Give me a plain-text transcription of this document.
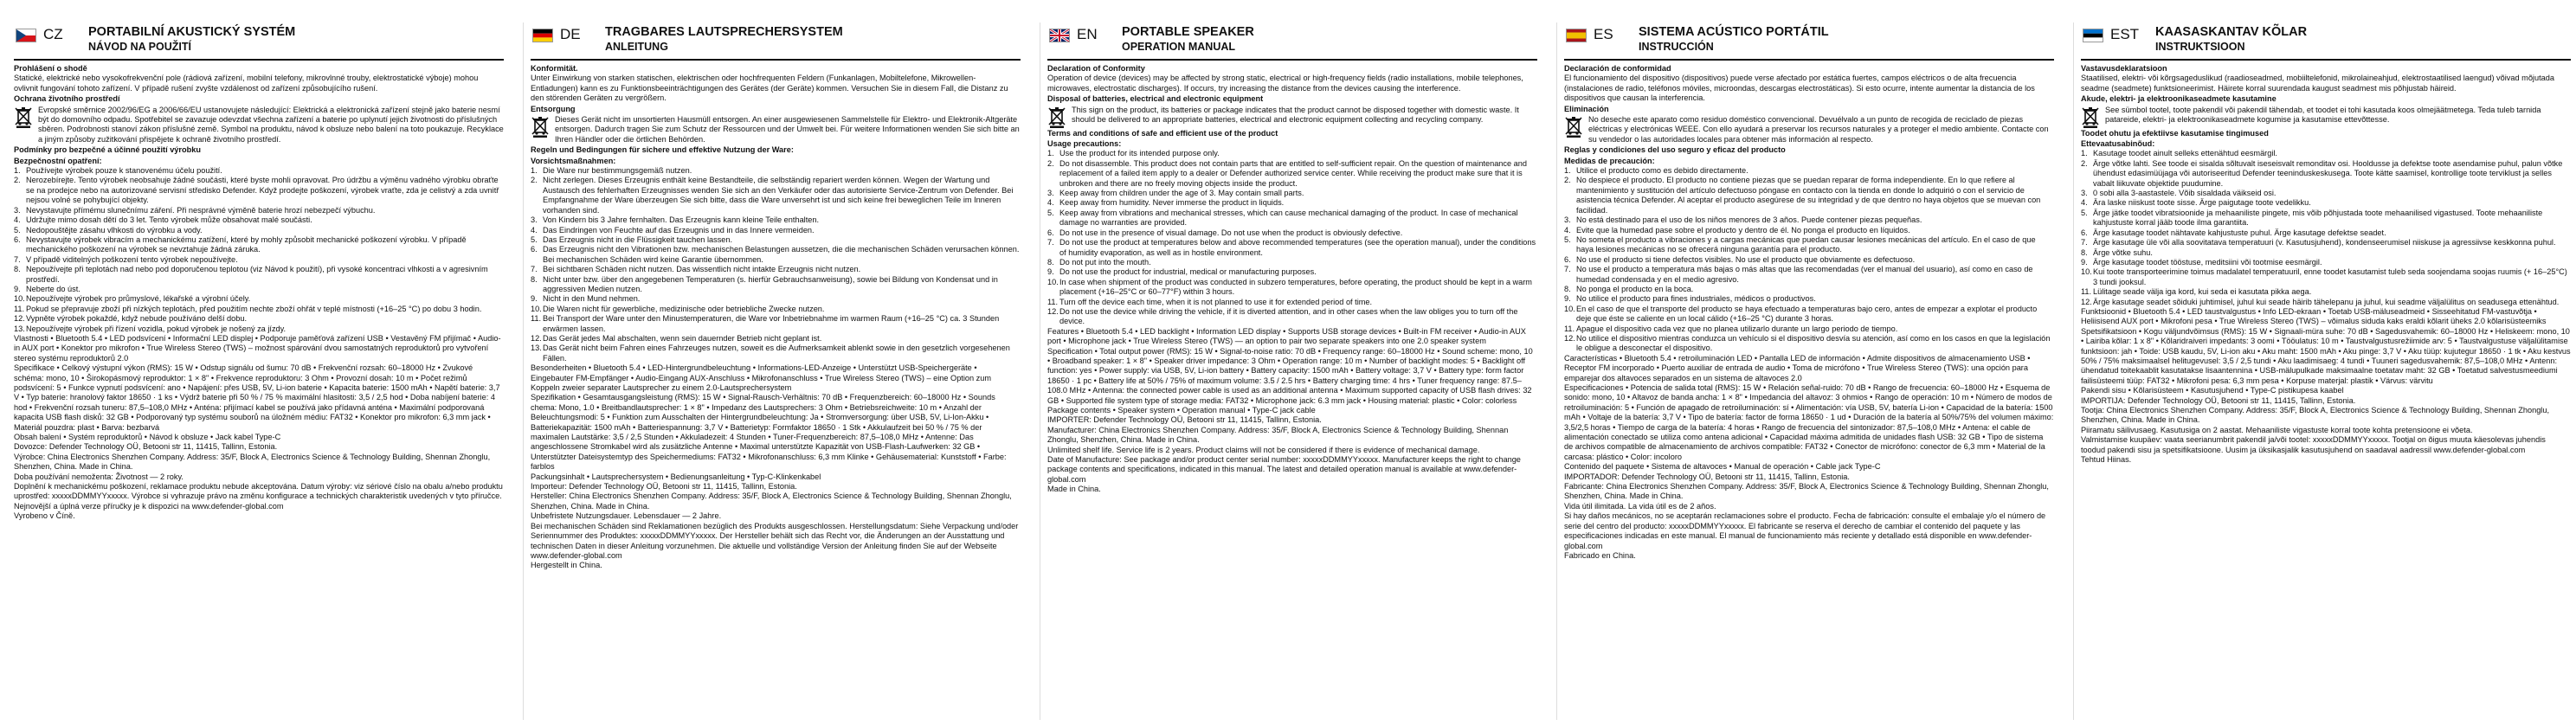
CZ PORTABILNÍ AKUSTICKÝ SYSTÉM
NÁVOD NA POUŽITÍ

Prohlášení o shodě

Statické, elektrické nebo vysokofrekvenční pole (rádiová zařízení, mobilní telefony, mikrovlnné trouby, elektrostatické výboje) mohou ovlivnit fungování tohoto zařízení. V případě rušení zvyšte vzdálenost od zařízení způsobujícího rušení.

Ochrana životního prostředí

Evropské směrnice 2002/96/EG a 2006/66/EU ustanovujete následující: Elektrická a elektronická zařízení stejně jako baterie nesmí být do domovního odpadu. Spotřebitel se zavazuje odevzdat všechna zařízení a baterie po uplynutí jejich životnosti do příslušných sběren. Podrobnosti stanoví zákon příslušné země. Symbol na produktu, návod k obsluze nebo balení na toto poukazuje. Recyklace a jiným způsoby zužitkování přispějete k ochraně životního prostředí.

Podmínky pro bezpečné a účinné použití výrobku

Bezpečnostní opatření:

1. Používejte výrobek pouze k stanovenému účelu použití.

2. Nerozebírejte. Tento výrobek neobsahuje žádné součásti, které byste mohli opravovat. Pro údržbu a výměnu vadného výrobku obraťte se na prodejce nebo na autorizované servisní středisko Defender. Když prodejte poškození, výrobek vraťte, zda je celistvý a zda uvnitř nejsou volné se pohybující objekty.

3. Nevystavujte přímému slunečnímu záření. Při nesprávné výměně baterie hrozí nebezpečí výbuchu.

4. Udržujte mimo dosah dětí do 3 let. Tento výrobek může obsahovat malé součásti.

5. Nedopouštějte zásahu vlhkosti do výrobku a vody.

6. Nevystavujte výrobek vibracím a mechanickému zatížení, které by mohly způsobit mechanické poškození výrobku. V případě mechanického poškození na výrobek se nevztahuje žádná záruka.

7. V případě viditelných poškození tento výrobek nepoužívejte.

8. Nepoužívejte při teplotách nad nebo pod doporučenou teplotou (viz Návod k použití), při vysoké koncentraci vlhkosti a v agresivním prostředí.

9. Neberte do úst.

10.Nepoužívejte výrobek pro průmyslové, lékařské a výrobní účely.

11. Pokud se přepravuje zboží při nízkých teplotách, před použitím nechte zboží ohřát v teplé místnosti (+16–25 °C) po dobu 3 hodin.

12.Vypněte výrobek pokaždé, když nebude používáno delší dobu.

13.Nepoužívejte výrobek při řízení vozidla, pokud výrobek je nošený za jízdy.

Vlastnosti • Bluetooth 5.4 • LED podsvícení • Informační LED displej • Podporuje paměťová zařízení USB • Vestavěný FM přijímač • Audio-in AUX port • Konektor pro mikrofon • True Wireless Stereo (TWS) – možnost spárování dvou samostatných reproduktorů pro vytvoření stereo systému reproduktorů 2.0

Specifikace • Celkový výstupní výkon (RMS): 15 W • Odstup signálu od šumu: 70 dB • Frekvenční rozsah: 60–18000 Hz • Zvukové schéma: mono, 10 • Širokopásmový reproduktor: 1 × 8" • Frekvence reproduktoru: 3 Ohm • Provozní dosah: 10 m • Počet režimů podsvícení: 5 • Funkce vypnutí podsvícení: ano • Napájení: přes USB, 5V, Li-ion baterie • Kapacita baterie: 1500 mAh • Napětí baterie: 3,7 V • Typ baterie: hranolový faktor 18650 · 1 ks • Výdrž baterie při 50 % / 75 % maximální hlasitosti: 3,5 / 2,5 hod • Doba nabíjení baterie: 4 hod • Frekvenční rozsah tuneru: 87,5–108,0 MHz • Anténa: přijímací kabel se používá jako přídavná anténa • Maximální podporovaná kapacita USB flash disků: 32 GB • Podporovaný typ systému souborů na úložném médiu: FAT32 • Konektor pro mikrofon: 6,3 mm jack • Materiál pouzdra: plast • Barva: bezbarvá

Obsah balení • Systém reproduktorů • Návod k obsluze • Jack kabel Type-C

Dovozce: Defender Technology OÜ, Betooni str 11, 11415, Tallinn, Estonia.

Výrobce: China Electronics Shenzhen Company. Address: 35/F, Block A, Electronics Science & Technology Building, Shennan Zhonglu, Shenzhen, China. Made in China.

Doba používání nemoženta: Životnost — 2 roky.

Doplnění k mechanickému poškození, reklamace produktu nebude akceptována. Datum výroby: viz sériové číslo na obalu a/nebo produktu uprostřed: xxxxxDDMMYYxxxxx. Výrobce si vyhrazuje právo na změnu konfigurace a technických charakteristik uvedených v tyto příručce. Nejnovější a úplná verze příručky je k dispozici na www.defender-global.com

Vyrobeno v Číně.

DE TRAGBARES LAUTSPRECHERSYSTEM
ANLEITUNG

Konformität.

Unter Einwirkung von starken statischen, elektrischen oder hochfrequenten Feldern (Funkanlagen, Mobiltelefone, Mikrowellen-Entladungen) kann es zu Funktionsbeeinträchtigungen des Gerätes (der Geräte) kommen. Versuchen Sie in diesem Fall, die Distanz zu den störenden Geräten zu vergrößern.

Entsorgung

Dieses Gerät nicht im unsortierten Hausmüll entsorgen. An einer ausgewiesenen Sammelstelle für Elektro- und Elektronik-Altgeräte entsorgen. Dadurch tragen Sie zum Schutz der Ressourcen und der Umwelt bei. Für weitere Informationen wenden Sie sich bitte an Ihren Händler oder die örtlichen Behörden.

Regeln und Bedingungen für sichere und effektive Nutzung der Ware:

Vorsichtsmaßnahmen:

1. Die Ware nur bestimmungsgemäß nutzen.

2. Nicht zerlegen. Dieses Erzeugnis enthält keine Bestandteile, die selbständig repariert werden können. Wegen der Wartung und Austausch des fehlerhaften Erzeugnisses wenden Sie sich an den Verkäufer oder das autorisierte Service-Zentrum von Defender. Bei Empfangnahme der Ware überzeugen Sie sich bitte, dass die Ware unversehrt ist und sich keine frei beweglichen Teile im Inneren vorhanden sind.

3. Von Kindern bis 3 Jahre fernhalten. Das Erzeugnis kann kleine Teile enthalten.

4. Das Eindringen von Feuchte auf das Erzeugnis und in das Innere vermeiden.

5. Das Erzeugnis nicht in die Flüssigkeit tauchen lassen.

6. Das Erzeugnis nicht den Vibrationen bzw. mechanischen Belastungen aussetzen, die die mechanischen Schäden verursachen können. Bei mechanischen Schäden wird keine Garantie übernommen.

7. Bei sichtbaren Schäden nicht nutzen. Das wissentlich nicht intakte Erzeugnis nicht nutzen.

8. Nicht unter bzw. über den angegebenen Temperaturen (s. hierfür Gebrauchsanweisung), sowie bei Bildung von Kondensat und in aggressiven Medien nutzen.

9. Nicht in den Mund nehmen.

10.Die Waren nicht für gewerbliche, medizinische oder betriebliche Zwecke nutzen.

11. Bei Transport der Ware unter den Minustemperaturen, die Ware vor Inbetriebnahme im warmen Raum (+16–25 °C) ca. 3 Stunden erwärmen lassen.

12.Das Gerät jedes Mal abschalten, wenn sein dauernder Betrieb nicht geplant ist.

13.Das Gerät nicht beim Fahren eines Fahrzeuges nutzen, soweit es die Aufmerksamkeit ablenkt sowie in den gesetzlich vorgesehenen Fällen.

Besonderheiten • Bluetooth 5.4 • LED-Hintergrundbeleuchtung • Informations-LED-Anzeige • Unterstützt USB-Speichergeräte • Eingebauter FM-Empfänger • Audio-Eingang AUX-Anschluss • Mikrofonanschluss • True Wireless Stereo (TWS) – eine Option zum Koppeln zweier separater Lautsprecher zu einem 2.0-Lautsprechersystem

Spezifikation • Gesamtausgangsleistung (RMS): 15 W • Signal-Rausch-Verhältnis: 70 dB • Frequenzbereich: 60–18000 Hz • Sounds chema: Mono, 1.0 • Breitbandlautsprecher: 1 × 8" • Impedanz des Lautsprechers: 3 Ohm • Betriebsreichweite: 10 m • Anzahl der Beleuchtungsmodi: 5 • Funktion zum Ausschalten der Hintergrundbeleuchtung: Ja • Stromversorgung: über USB, 5V, Li-Ion-Akku • Batteriekapazität: 1500 mAh • Batteriespannung: 3,7 V • Batterietyp: Formfaktor 18650 · 1 Stk • Akkulaufzeit bei 50 % / 75 % der maximalen Lautstärke: 3,5 / 2,5 Stunden • Akkuladezeit: 4 Stunden • Tuner-Frequenzbereich: 87,5–108,0 MHz • Antenne: Das angeschlossene Stromkabel wird als zusätzliche Antenne • Maximal unterstützte Kapazität von USB-Flash-Laufwerken: 32 GB • Unterstützter Dateisystemtyp des Speichermediums: FAT32 • Mikrofonanschluss: 6,3 mm Klinke • Gehäusematerial: Kunststoff • Farbe: farblos

Packungsinhalt • Lautsprechersystem • Bedienungsanleitung • Typ-C-Klinkenkabel

Importeur: Defender Technology OÜ, Betooni str 11, 11415, Tallinn, Estonia.

Hersteller: China Electronics Shenzhen Company. Address: 35/F, Block A, Electronics Science & Technology Building, Shennan Zhonglu, Shenzhen, China. Made in China.

Unbefristete Nutzungsdauer. Lebensdauer — 2 Jahre.

Bei mechanischen Schäden sind Reklamationen bezüglich des Produkts ausgeschlossen. Herstellungsdatum: Siehe Verpackung und/oder Seriennummer des Produktes: xxxxxDDMMYYxxxxx. Der Hersteller behält sich das Recht vor, die Änderungen an der Ausstattung und technischen Daten in dieser Anleitung vorzunehmen. Die aktuelle und vollständige Version der Anleitung finden Sie auf der Webseite www.defender-global.com

Hergestellt in China.

EN PORTABLE SPEAKER
OPERATION MANUAL

Declaration of Conformity

Operation of device (devices) may be affected by strong static, electrical or high-frequency fields (radio installations, mobile telephones, microwaves, electrostatic discharges). If occurs, try increasing the distance from the devices causing the interference.

Disposal of batteries, electrical and electronic equipment

This sign on the product, its batteries or package indicates that the product cannot be disposed together with domestic waste. It should be delivered to an appropriate batteries, electrical and electronic equipment collecting and recycling company.

Terms and conditions of safe and efficient use of the product

Usage precautions:

1. Use the product for its intended purpose only.

2. Do not disassemble. This product does not contain parts that are entitled to self-sufficient repair. On the question of maintenance and replacement of a failed item apply to a dealer or Defender authorized service center. While receiving the product make sure that it is unbroken and there are no freely moving objects inside the product.

3. Keep away from children under the age of 3. May contain small parts.

4. Keep away from humidity. Never immerse the product in liquids.

5. Keep away from vibrations and mechanical stresses, which can cause mechanical damaging of the product. In case of mechanical damage no warranties are provided.

6. Do not use in the presence of visual damage. Do not use when the product is obviously defective.

7. Do not use the product at temperatures below and above recommended temperatures (see the operation manual), under the conditions of humidity evaporation, as well as in hostile environment.

8. Do not put into the mouth.

9. Do not use the product for industrial, medical or manufacturing purposes.

10.In case when shipment of the product was conducted in subzero temperatures, before operating, the product should be kept in a warm placement (+16–25°C or 60–77°F) within 3 hours.

11. Turn off the device each time, when it is not planned to use it for extended period of time.

12.Do not use the device while driving the vehicle, if it is diverted attention, and in other cases when the law obliges you to turn off the device.

Features • Bluetooth 5.4 • LED backlight • Information LED display • Supports USB storage devices • Built-in FM receiver • Audio-in AUX port • Microphone jack • True Wireless Stereo (TWS) — an option to pair two separate speakers into one 2.0 speaker system

Specification • Total output power (RMS): 15 W • Signal-to-noise ratio: 70 dB • Frequency range: 60–18000 Hz • Sound scheme: mono, 10 • Broadband speaker: 1 × 8" • Speaker driver impedance: 3 Ohm • Operation range: 10 m • Number of backlight modes: 5 • Backlight off function: yes • Power supply: via USB, 5V, Li-ion battery • Battery capacity: 1500 mAh • Battery voltage: 3,7 V • Battery type: form factor 18650 · 1 pc • Battery life at 50% / 75% of maximum volume: 3.5 / 2.5 hrs • Battery charging time: 4 hrs • Tuner frequency range: 87.5–108.0 MHz • Antenna: the connected power cable is used as an additional antenna • Maximum supported capacity of USB flash drives: 32 GB • Supported file system type of storage media: FAT32 • Microphone jack: 6.3 mm jack • Housing material: plastic • Color: colorless

Package contents • Speaker system • Operation manual • Type-C jack cable

IMPORTER: Defender Technology OÜ, Betooni str 11, 11415, Tallinn, Estonia.

Manufacturer: China Electronics Shenzhen Company. Address: 35/F, Block A, Electronics Science & Technology Building, Shennan Zhonglu, Shenzhen, China. Made in China.

Unlimited shelf life. Service life is 2 years. Product claims will not be considered if there is evidence of mechanical damage.

Date of Manufacture: See package and/or product center serial number: xxxxxDDMMYYxxxxx. Manufacturer keeps the right to change package contents and specifications, indicated in this manual. The latest and detailed operation manual is available at www.defender-global.com

Made in China.

ES SISTEMA ACÚSTICO PORTÁTIL
INSTRUCCIÓN

Declaración de conformidad

El funcionamiento del dispositivo (dispositivos) puede verse afectado por estática fuertes, campos eléctricos o de alta frecuencia (instalaciones de radio, teléfonos móviles, microondas, descargas electrostáticas). Si esto ocurre, intente aumentar la distancia de los dispositivos que causan la interferencia.

Eliminación

No deseche este aparato como residuo doméstico convencional. Devuélvalo a un punto de recogida de reciclado de piezas eléctricas y electrónicas WEEE. Con ello ayudará a preservar los recursos naturales y a proteger el medio ambiente. Contacte con su vendedor o las autoridades locales para obtener más información al respecto.

Reglas y condiciones del uso seguro y eficaz del producto

Medidas de precaución:

1. Utilice el producto como es debido directamente.

2. No despiece el producto. El producto no contiene piezas que se puedan reparar de forma independiente. En lo que refiere al mantenimiento y sustitución del artículo defectuoso póngase en contacto con la tienda en donde lo adquirió o con el servicio de asistencia técnica Defender. Al aceptar el producto asegúrese de su integridad y de que dentro no haya objetos que se muevan con facilidad.

3. No está destinado para el uso de los niños menores de 3 años. Puede contener piezas pequeñas.

4. Evite que la humedad pase sobre el producto y dentro de él. No ponga el producto en líquidos.

5. No someta el producto a vibraciones y a cargas mecánicas que puedan causar lesiones mecánicas del artículo. En el caso de que haya lesiones mecánicas no se ofrecerá ninguna garantía para el producto.

6. No use el producto si tiene defectos visibles. No use el producto que obviamente es defectuoso.

7. No use el producto a temperatura más bajas o más altas que las recomendadas (ver el manual del usuario), así como en caso de humedad condensada y en el medio agresivo.

8. No ponga el producto en la boca.

9. No utilice el producto para fines industriales, médicos o productivos.

10.En el caso de que el transporte del producto se haya efectuado a temperaturas bajo cero, antes de empezar a explotar el producto deje que éste se caliente en un local cálido (+16–25 °C) durante 3 horas.

11. Apague el dispositivo cada vez que no planea utilizarlo durante un largo periodo de tiempo.

12.No utilice el dispositivo mientras conduzca un vehículo si el dispositivo desvía su atención, así como en los casos en que la legislación le obligue a desconectar el dispositivo.

Características • Bluetooth 5.4 • retroiluminación LED • Pantalla LED de información • Admite dispositivos de almacenamiento USB • Receptor FM incorporado • Puerto auxiliar de entrada de audio • Toma de micrófono • True Wireless Stereo (TWS): una opción para emparejar dos altavoces separados en un sistema de altavoces 2.0

Especificaciones • Potencia de salida total (RMS): 15 W • Relación señal-ruido: 70 dB • Rango de frecuencia: 60–18000 Hz • Esquema de sonido: mono, 10 • Altavoz de banda ancha: 1 × 8" • Impedancia del altavoz: 3 ohmios • Rango de operación: 10 m • Número de modos de retroiluminación: 5 • Función de apagado de retroiluminación: sí • Alimentación: vía USB, 5V, batería Li-ion • Capacidad de la batería: 1500 mAh • Voltaje de la batería: 3,7 V • Tipo de batería: factor de forma 18650 · 1 ud • Duración de la batería al 50%/75% del volumen máximo: 3,5/2,5 horas • Tiempo de carga de la batería: 4 horas • Rango de frecuencia del sintonizador: 87,5–108,0 MHz • Antena: el cable de alimentación conectado se utiliza como antena adicional • Capacidad máxima admitida de unidades flash USB: 32 GB • Tipo de sistema de archivos compatible de almacenamiento de archivos compatible: FAT32 • Conector de micrófono: conector de 6,3 mm • Material de la carcasa: plástico • Color: incoloro

Contenido del paquete • Sistema de altavoces • Manual de operación • Cable jack Type-C

IMPORTADOR: Defender Technology OÜ, Betooni str 11, 11415, Tallinn, Estonia.

Fabricante: China Electronics Shenzhen Company. Address: 35/F, Block A, Electronics Science & Technology Building, Shennan Zhonglu, Shenzhen, China. Made in China.

Vida útil ilimitada. La vida útil es de 2 años.

Si hay daños mecánicos, no se aceptarán reclamaciones sobre el producto. Fecha de fabricación: consulte el embalaje y/o el número de serie del centro del producto: xxxxxDDMMYYxxxxx. El fabricante se reserva el derecho de cambiar el contenido del paquete y las especificaciones indicadas en este manual. El manual de funcionamiento más reciente y detallado está disponible en www.defender-global.com

Fabricado en China.

EST KAASASKANTAV KÕLAR
INSTRUKTSIOON

Vastavusdeklaratsioon

Staatilised, elektri- või kõrgsageduslikud (raadioseadmed, mobiiltelefonid, mikrolaineahjud, elektrostaatilised laengud) võivad mõjutada seadme (seadmete) funktsioneerimist. Häirete korral suurendada kaugust seadmest mis põhjustab häireid.

Akude, elektri- ja elektroonikaseadmete kasutamine

See sümbol tootel, toote pakendil või pakendil tähendab, et toodet ei tohi kasutada koos olmejäätmetega. Teda tuleb tarnida patareide, elektri- ja elektroonikaseadmete kogumise ja kasutamise ettevõttesse.

Toodet ohutu ja efektiivse kasutamise tingimused

Ettevaatusabinõud:

1. Kasutage toodet ainult selleks ettenähtud eesmärgil.

2. Ärge võtke lahti. See toode ei sisalda sõltuvalt iseseisvalt remonditav osi. Hooldusse ja defektse toote asendamise puhul, palun võtke ühendust edasimüüjaga või autoriseeritud Defender teeninduskeskusega. Toote kätte saamisel, kontrollige toote terviklust ja selles vabalt liikuvate objektide puudumine.

3. 0 sobi alla 3-aastastele. Võib sisaldada väikseid osi.

4. Ära laske niiskust toote sisse. Ärge paigutage toote vedelikku.

5. Ärge jätke toodet vibratsioonide ja mehaaniliste pingete, mis võib põhjustada toote mehaanilised vigastused. Toote mehaaniliste kahjustuste korral jääb toode ilma garantiita.

6. Ärge kasutage toodet nähtavate kahjustuste puhul. Ärge kasutage defektse seadet.

7. Ärge kasutage üle või alla soovitatava temperatuuri (v. Kasutusjuhend), kondenseerumisel niiskuse ja agressiivse keskkonna puhul.

8. Ärge võtke suhu.

9. Ärge kasutage toodet tööstuse, meditsiini või tootmise eesmärgil.

10.Kui toote transporteerimine toimus madalatel temperatuuril, enne toodet kasutamist tuleb seda soojendama soojas ruumis (+ 16–25°C) 3 tundi jooksul.

11. Lülitage seade välja iga kord, kui seda ei kasutata pikka aega.

12.Ärge kasutage seadet sõiduki juhtimisel, juhul kui seade häirib tähelepanu ja juhul, kui seadme väljalülitus on seadusega ettenähtud.

Funktsioonid • Bluetooth 5.4 • LED taustvalgustus • Info LED-ekraan • Toetab USB-mäluseadmeid • Sisseehitatud FM-vastuvõtja • Heliisisend AUX port • Mikrofoni pesa • True Wireless Stereo (TWS) – võimalus siduda kaks eraldi kõlarit üheks 2.0 kõlarisüsteemiks

Spetsifikatsioon • Kogu väljundvõimsus (RMS): 15 W • Signaali-müra suhe: 70 dB • Sagedusvahemik: 60–18000 Hz • Heliskeem: mono, 10 • Lairiba kõlar: 1 x 8" • Kõlaridraiveri impedants: 3 oomi • Tööulatus: 10 m • Taustvalgustusrežiimide arv: 5 • Taustvalgustuse väljalülitamise funktsioon: jah • Toide: USB kaudu, 5V, Li-ion aku • Aku maht: 1500 mAh • Aku pinge: 3,7 V • Aku tüüp: kujutegur 18650 · 1 tk • Aku kestvus 50% / 75% maksimaalsel helitugevusel: 3,5 / 2,5 tundi • Aku laadimisaeg: 4 tundi • Tuuneri sagedusvahemik: 87,5–108,0 MHz • Antenn: ühendatud toitekaablit kasutatakse lisaantennina • USB-mälupulkade maksimaalne toetatav maht: 32 GB • Toetatud salvestusmeediumi failisüsteemi tüüp: FAT32 • Mikrofoni pesa: 6,3 mm pesa • Korpuse materjal: plastik • Värvus: värvitu

Pakendi sisu • Kõlarisüsteem • Kasutusjuhend • Type-C pistikupesa kaabel

IMPORTIJA: Defender Technology OÜ, Betooni str 11, 11415, Tallinn, Estonia.

Tootja: China Electronics Shenzhen Company. Address: 35/F, Block A, Electronics Science & Technology Building, Shennan Zhonglu, Shenzhen, China. Made in China.

Piiramatu säilivusaeg. Kasutusiga on 2 aastat. Mehaaniliste vigastuste korral toote kohta pretensioone ei võeta.

Valmistamise kuupäev: vaata seerianumbrit pakendil ja/või tootel: xxxxxDDMMYYxxxxx. Tootjal on õigus muuta käesolevas juhendis toodud pakendi sisu ja spetsifikatsioone. Uusim ja üksikasjalik kasutusjuhend on saadaval aadressil www.defender-global.com

Tehtud Hiinas.
